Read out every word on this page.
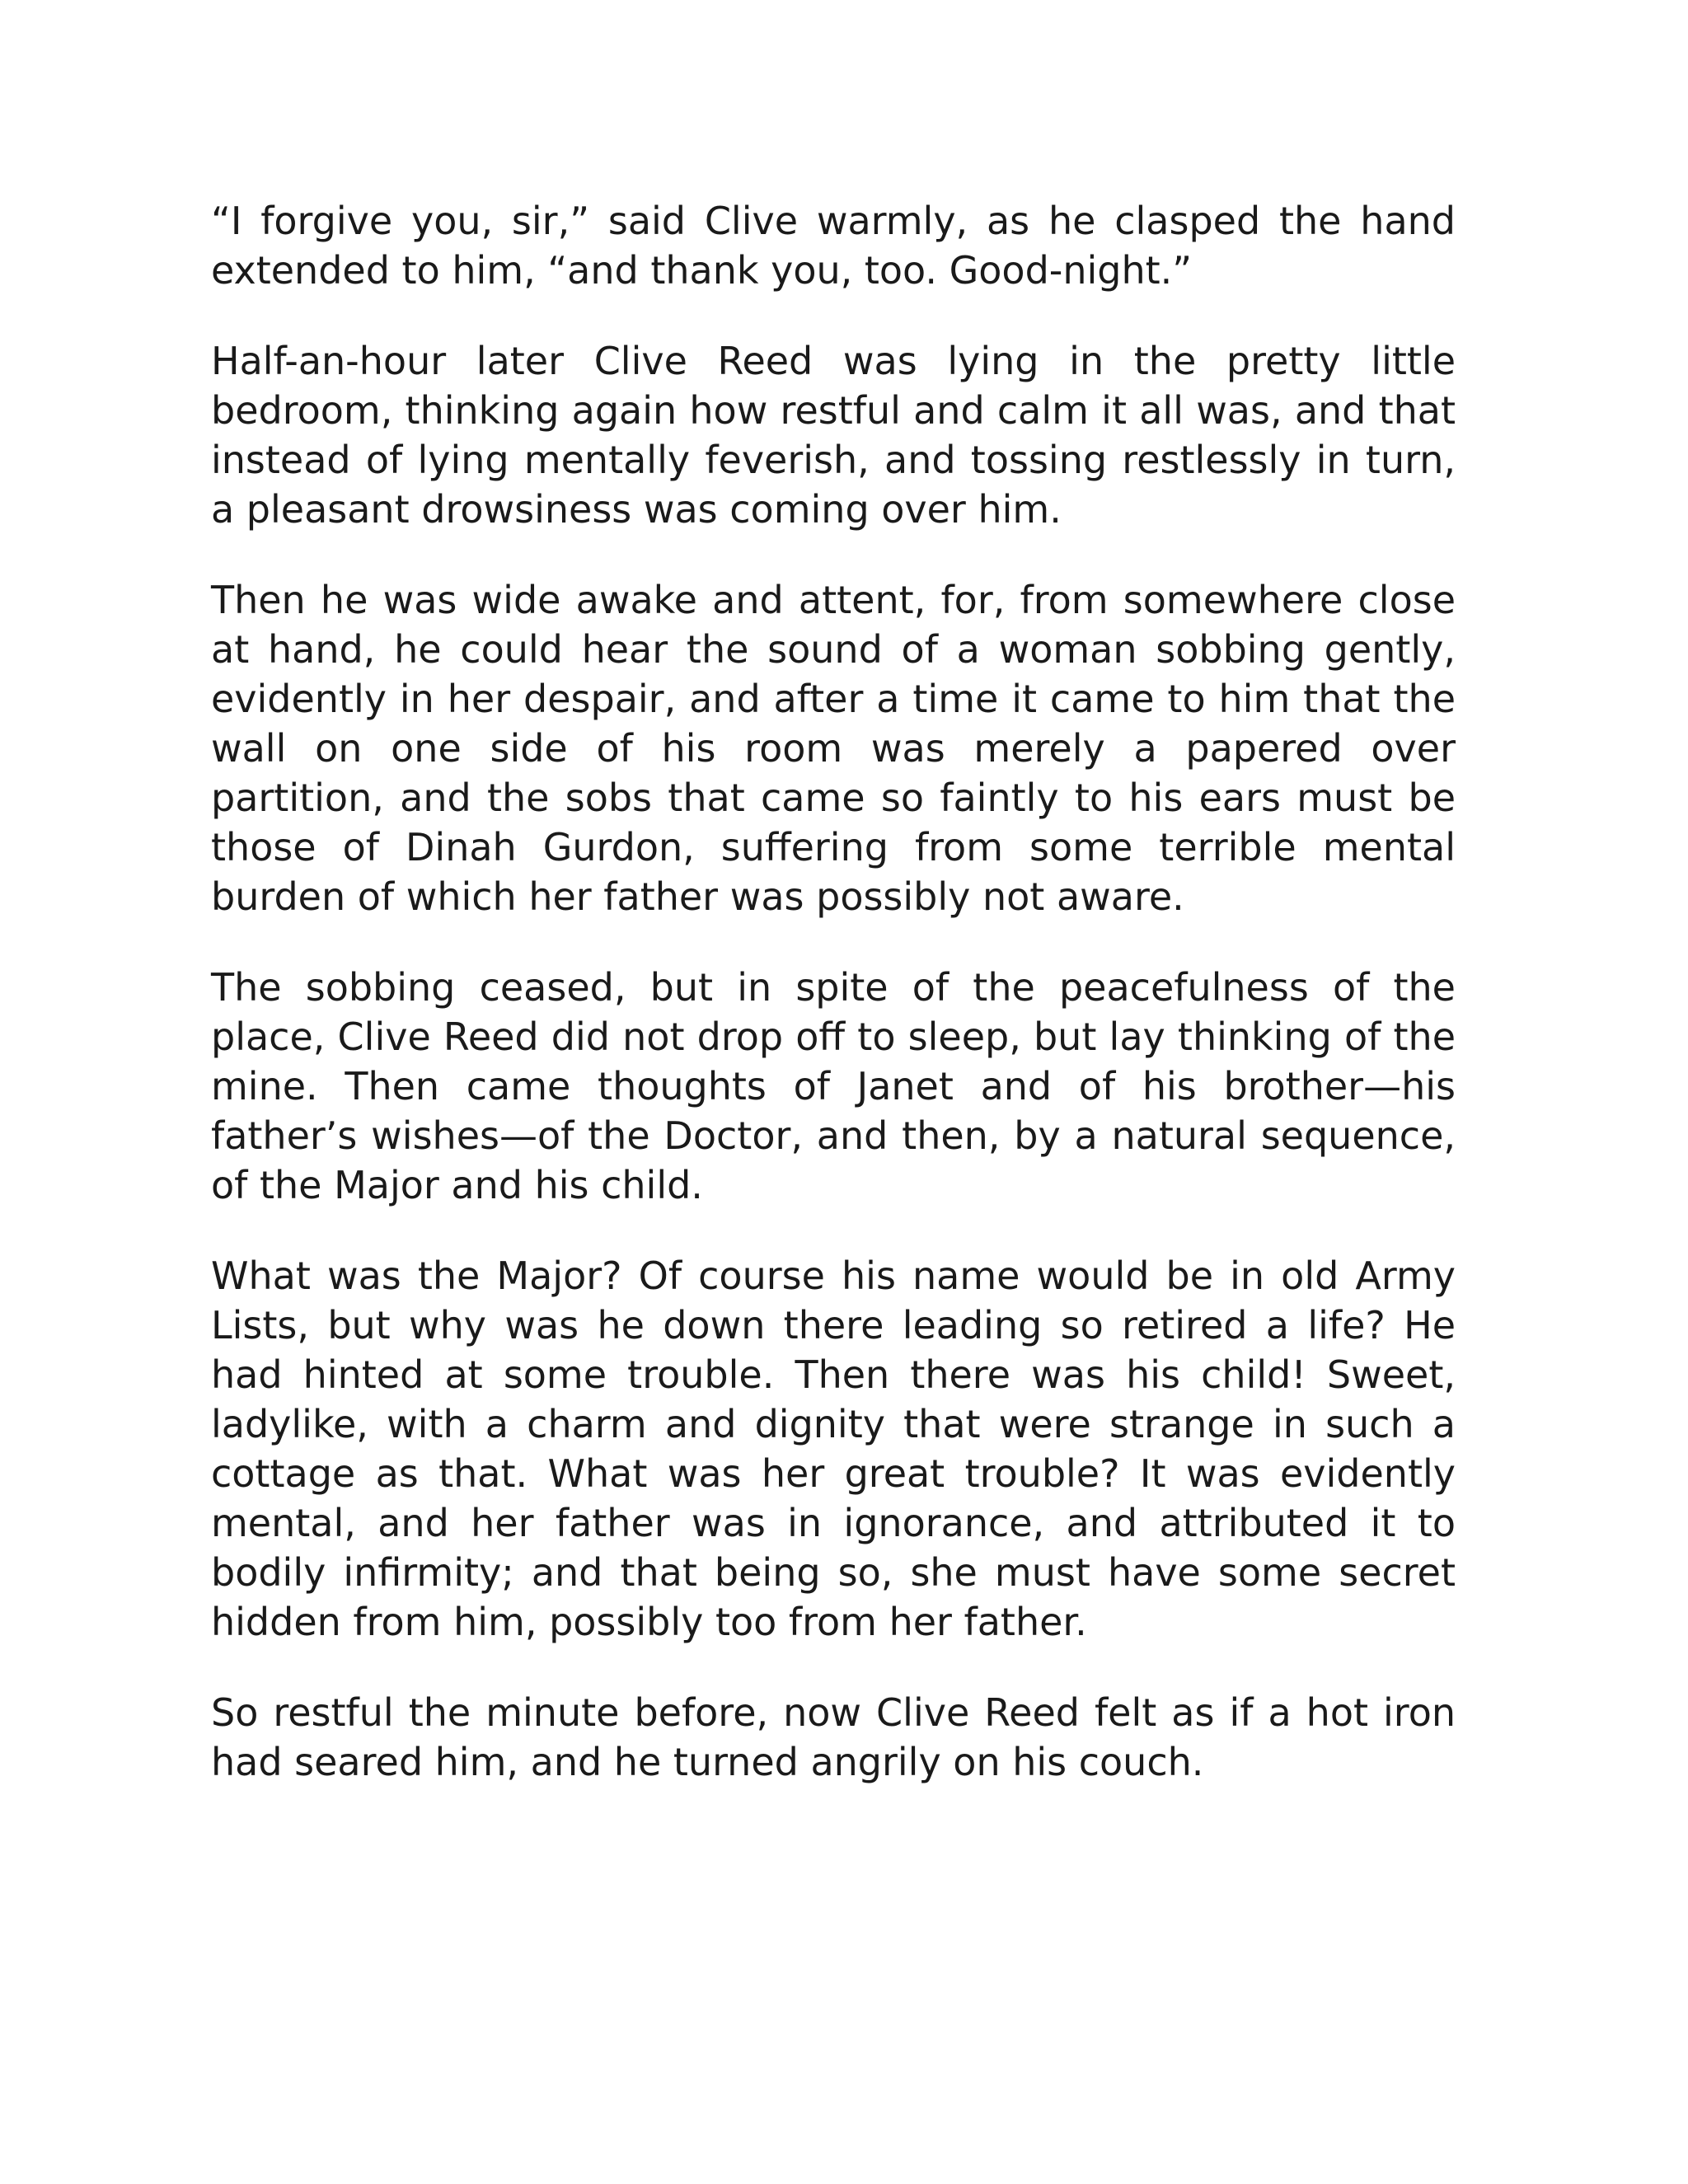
“I forgive you, sir,” said Clive warmly, as he clasped the hand extended to him, “and thank you, too. Good-night.”

Half-an-hour later Clive Reed was lying in the pretty little bedroom, thinking again how restful and calm it all was, and that instead of lying mentally feverish, and tossing restlessly in turn, a pleasant drowsiness was coming over him.

Then he was wide awake and attent, for, from somewhere close at hand, he could hear the sound of a woman sobbing gently, evidently in her despair, and after a time it came to him that the wall on one side of his room was merely a papered over partition, and the sobs that came so faintly to his ears must be those of Dinah Gurdon, suffering from some terrible mental burden of which her father was possibly not aware.

The sobbing ceased, but in spite of the peacefulness of the place, Clive Reed did not drop off to sleep, but lay thinking of the mine. Then came thoughts of Janet and of his brother—his father’s wishes—of the Doctor, and then, by a natural sequence, of the Major and his child.

What was the Major? Of course his name would be in old Army Lists, but why was he down there leading so retired a life? He had hinted at some trouble. Then there was his child! Sweet, ladylike, with a charm and dignity that were strange in such a cottage as that. What was her great trouble? It was evidently mental, and her father was in ignorance, and attributed it to bodily infirmity; and that being so, she must have some secret hidden from him, possibly too from her father.

So restful the minute before, now Clive Reed felt as if a hot iron had seared him, and he turned angrily on his couch.
